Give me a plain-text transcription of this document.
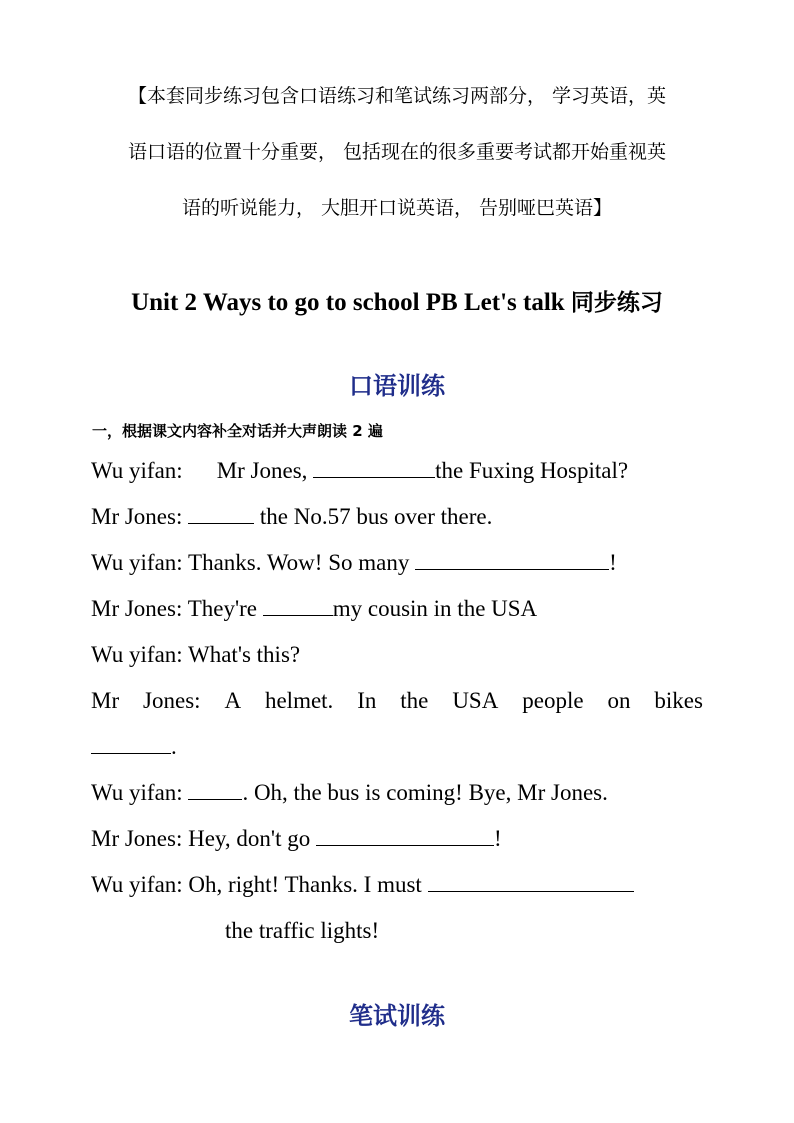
【本套同步练习包含口语练习和笔试练习两部分， 学习英语，英
语口语的位置十分重要， 包括现在的很多重要考试都开始重视英
语的听说能力， 大胆开口说英语， 告别哑巴英语】
Unit 2 Ways to go to school PB Let's talk 同步练习
口语训练
一，根据课文内容补全对话并大声朗读 2 遍
Wu yifan: Mr Jones,	the Fuxing Hospital?
Mr Jones:	the No.57 bus over there.
Wu yifan: Thanks. Wow! So many	!
Mr Jones: They're	my cousin in the USA
Wu yifan: What's this?
Mr Jones: A helmet. In the USA people on bikes
.
Wu yifan:	. Oh, the bus is coming! Bye, Mr Jones.
Mr Jones: Hey, don't go	!
Wu yifan: Oh, right! Thanks. I must
the traffic lights!
笔试训练
